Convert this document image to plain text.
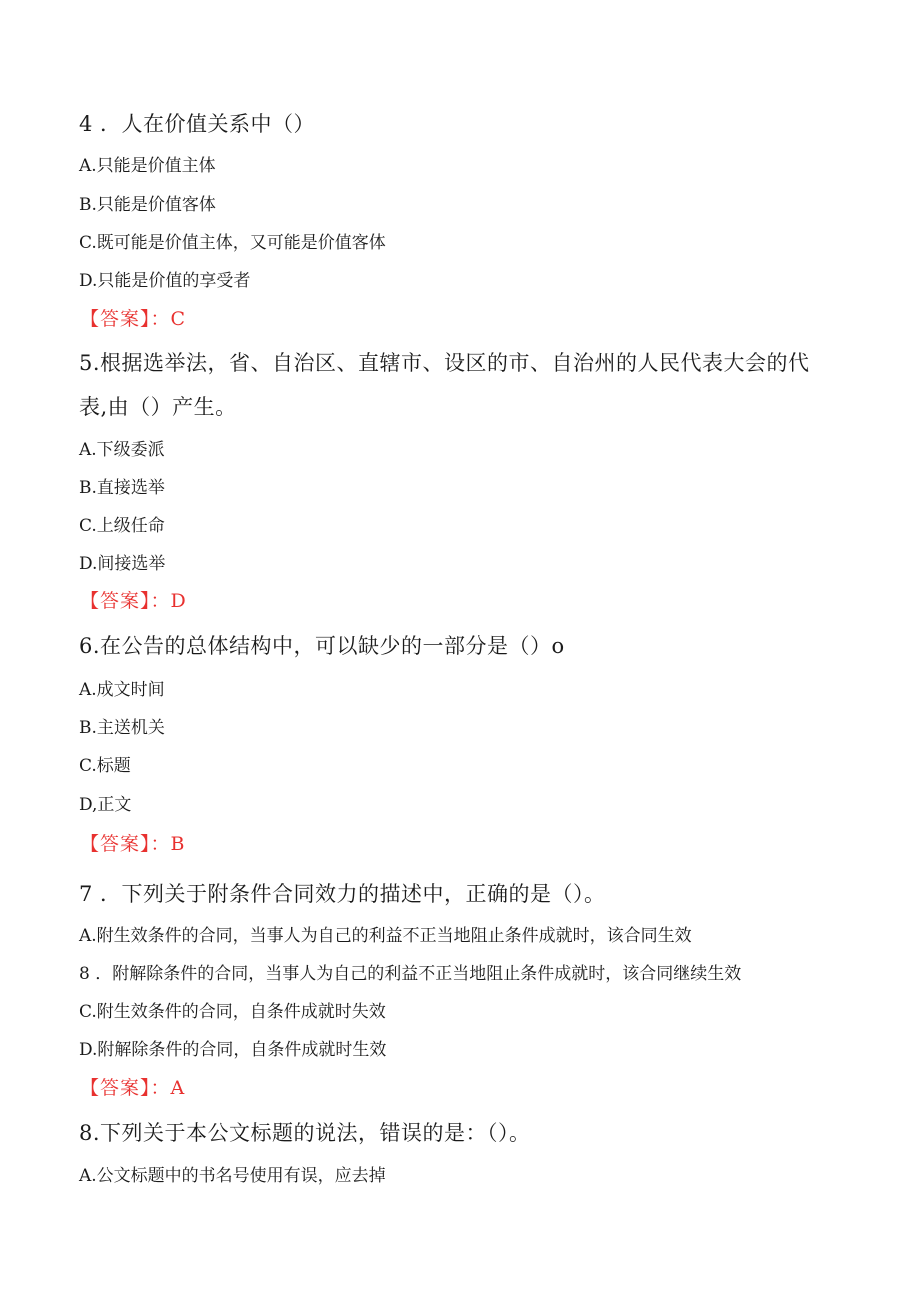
4 ．人在价值关系中（）
A.只能是价值主体
B.只能是价值客体
C.既可能是价值主体，又可能是价值客体
D.只能是价值的享受者
【答案】：C
5.根据选举法，省、自治区、直辖市、设区的市、自治州的人民代表大会的代
表,由（）产生。
A.下级委派
B.直接选举
C.上级任命
D.间接选举
【答案】：D
6.在公告的总体结构中，可以缺少的一部分是（）o
A.成文时间
B.主送机关
C.标题
D,正文
【答案】：B
7 ．下列关于附条件合同效力的描述中，正确的是（）。
A.附生效条件的合同，当事人为自己的利益不正当地阻止条件成就时，该合同生效
8 ．附解除条件的合同，当事人为自己的利益不正当地阻止条件成就时，该合同继续生效
C.附生效条件的合同，自条件成就时失效
D.附解除条件的合同，自条件成就时生效
【答案】：A
8.下列关于本公文标题的说法，错误的是：（）。
A.公文标题中的书名号使用有误，应去掉
